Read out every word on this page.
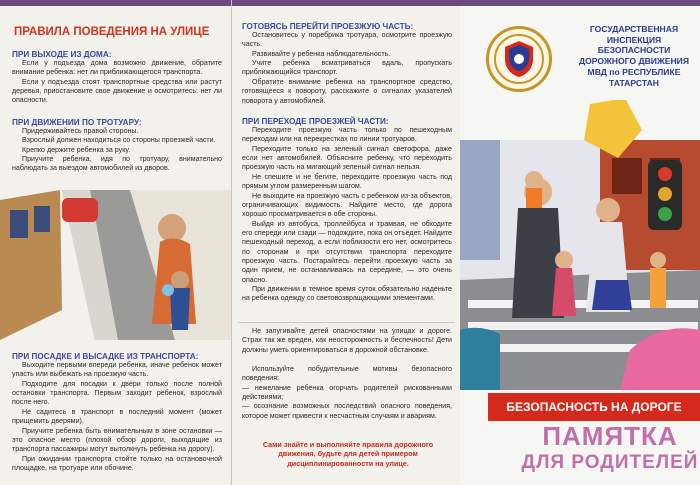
ПРАВИЛА ПОВЕДЕНИЯ НА УЛИЦЕ
ПРИ ВЫХОДЕ ИЗ ДОМА:

Если у подъезда дома возможно движение, обратите внимание ребенка: нет ли приближающегося транспорта.

Если у подъезда стоят транспортные средства или растут деревья, приостановите свое движение и осмотритесь: нет ли опасности.

ПРИ ДВИЖЕНИИ ПО ТРОТУАРУ:

Придерживайтесь правой стороны.

Взрослый должен находиться со стороны проезжей части.

Крепко держите ребенка за руку.

Приучите ребенка, идя по тротуару, внимательно наблюдать за выездом автомобилей из дворов.

ПРИ ПОСАДКЕ И ВЫСАДКЕ ИЗ ТРАНСПОРТА:

Выходите первыми впереди ребенка, иначе ребенок может упасть или выбежать на проезжую часть.

Подходите для посадки к двери только после полной остановки транспорта. Первым заходит ребенок, взрослый после него.

Не садитесь в транспорт в последний момент (может прищемить дверями).

Приучите ребенка быть внимательным в зоне остановки — это опасное место (плохой обзор дороги, выходящие из транспорта пассажиры могут вытолкнуть ребенка на дорогу).

При ожидании транспорта стойте только на остановочной площадке, на тротуаре или обочине.

ГОТОВЯСЬ ПЕРЕЙТИ ПРОЕЗЖУЮ ЧАСТЬ:

Остановитесь у поребрика тротуара, осмотрите проезжую часть.

Развивайте у ребенка наблюдательность.

Учите ребенка всматриваться вдаль, пропускать приближающийся транспорт.

Обратите внимание ребенка на транспортное средство, готовящееся к повороту, расскажите о сигналах указателей поворота у автомобилей.

ПРИ ПЕРЕХОДЕ ПРОЕЗЖЕЙ ЧАСТИ:

Переходите проезжую часть только по пешеходным переходам или на перекрестках по линии тротуаров.

Переходите только на зеленый сигнал светофора, даже если нет автомобилей. Объясните ребенку, что переходить проезжую часть на мигающий зеленый сигнал нельзя.

Не спешите и не бегите, переходите проезжую часть под прямым углом размеренным шагом.

Не выходите на проезжую часть с ребенком из-за объектов, ограничивающих видимость. Найдите место, где дорога хорошо просматривается в обе стороны.

Выйдя из автобуса, троллейбуса и трамвая, не обходите его спереди или сзади — подождите, пока он отъедет. Найдите пешеходный переход, а если поблизости его нет, осмотритесь по сторонам и при отсутствии транспорта переходите проезжую часть. Постарайтесь перейти проезжую часть за один прием, не останавливаясь на середине, — это очень опасно.

При движении в темное время суток обязательно наденьте на ребенка одежду со световозвращающими элементами.

Не запугивайте детей опасностями на улицах и дороге. Страх так же вреден, как неосторожность и беспечность! Дети должны уметь ориентироваться в дорожной обстановке.

Используйте побудительные мотивы безопасного поведения:

— нежелание ребенка огорчать родителей рискованными действиями;

— осознание возможных последствий опасного поведения, которое может привести к несчастным случаям и авариям.

Сами знайте и выполняйте правила дорожного движения, будьте для детей примером дисциплинированности на улице.
ГОСУДАРСТВЕННАЯ ИНСПЕКЦИЯ БЕЗОПАСНОСТИ ДОРОЖНОГО ДВИЖЕНИЯ МВД по РЕСПУБЛИКЕ ТАТАРСТАН
БЕЗОПАСНОСТЬ НА ДОРОГЕ
ПАМЯТКА
ДЛЯ РОДИТЕЛЕЙ
